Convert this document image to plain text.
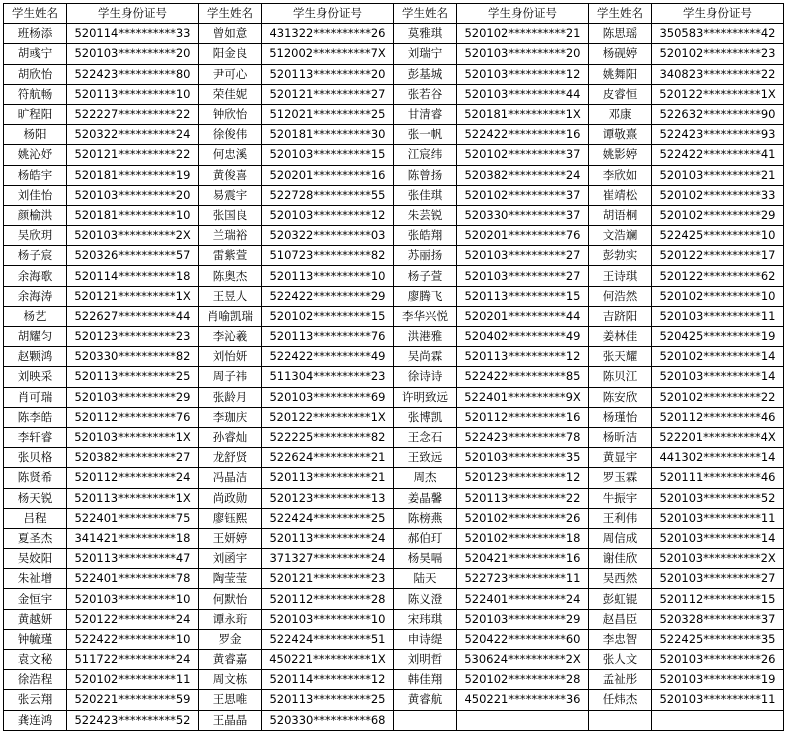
学生姓名	学生身份证号	学生姓名	学生身份证号	学生姓名	学生身份证号	学生姓名	学生身份证号
班杨添	520114**********33	曾如意	431322**********26	莫雅琪	520102**********21	陈思瑶	350583**********42
胡彧宁	520103**********20	阳金良	512002**********7X	刘瑞宁	520103**********20	杨砚婷	520102**********23
胡欣怡	522423**********80	尹可心	520113**********20	彭基城	520103**********12	姚舞阳	340823**********22
符航畅	520113**********10	荣佳妮	520121**********27	张若谷	520103**********44	皮睿恒	520122**********1X
旷程阳	522227**********22	钟欣怡	512021**********25	甘清睿	520181**********1X	邓康	522632**********90
杨阳	520322**********24	徐俊伟	520181**********30	张一帆	522422**********16	谭敬熹	522423**********93
姚沁妤	520121**********22	何忠溪	520103**********15	江宸纬	520102**********37	姚影婷	522422**********41
杨皓宇	520181**********19	黄俊喜	520201**********16	陈曾扬	520382**********24	李欣如	520103**********21
刘佳怡	520103**********20	易震宇	522728**********55	张佳琪	520102**********37	崔靖松	520102**********33
颜榆洪	520181**********10	张国良	520103**********12	朱芸锐	520330**********37	胡语桐	520102**********29
吴欣玥	520103**********2X	兰瑞裕	520322**********03	张皓翔	520201**********76	文浩斓	522425**********10
杨子宸	520326**********57	雷紫萱	510723**********82	苏丽扬	520103**********27	彭勃实	520122**********17
余海歌	520114**********18	陈奥杰	520113**********10	杨子萱	520103**********27	王诗琪	520122**********62
余海涛	520121**********1X	王昱人	522422**********29	廖腾飞	520113**********15	何浩然	520102**********10
杨艺	522627**********44	肖喻凯瑞	520102**********15	李华兴悦	520201**********44	吉跻阳	520103**********11
胡耀匀	520123**********23	李沁羲	520113**********76	洪港雅	520402**********49	姜林佳	520425**********19
赵颗鸿	520330**********82	刘怡妍	522422**********49	吴尚霖	520113**********12	张天耀	520102**********14
刘映采	520113**********25	周子祎	511304**********23	徐诗诗	522422**********85	陈贝江	520103**********14
肖可瑞	520103**********29	张龄月	520103**********69	许明致远	522401**********9X	陈安欣	520102**********22
陈李皓	520112**********76	李珈庆	520122**********1X	张博凯	520112**********16	杨瑾怡	520112**********46
李轩睿	520103**********1X	孙睿灿	522225**********82	王念石	522423**********78	杨昕洁	522201**********4X
张贝格	520382**********27	龙舒贤	522624**********21	王致远	520103**********35	黄显宇	441302**********14
陈贤希	520112**********24	冯晶洁	520113**********21	周杰	520123**********12	罗玉霖	520111**********46
杨天锐	520113**********1X	尚政勋	520123**********13	姜晶馨	520113**********22	牛振宇	520103**********52
吕程	522401**********75	廖钰熙	522424**********25	陈榜燕	520102**********26	王利伟	520103**********11
夏圣杰	341421**********18	王妍婷	520113**********24	郝伯玎	520102**********18	周信成	520103**********14
吴姣阳	520113**********47	刘函宇	371327**********24	杨昊嗝	520421**********16	谢佳欣	520103**********2X
朱祉增	522401**********78	陶莹莹	520121**********23	陆天	522723**********11	吴西然	520103**********27
金恒宇	520103**********10	何默怡	520112**********28	陈义澄	522401**********24	彭虹锟	520112**********15
黄越妍	520122**********24	谭永珩	520103**********10	宋玮琪	520103**********29	赵昌臣	520328**********37
钟毓瑾	522422**********10	罗金	522424**********51	申诗缇	520422**********60	李忠智	522425**********35
袁文秘	511722**********24	黄睿嘉	450221**********1X	刘明哲	530624**********2X	张人文	520103**********26
徐浩程	520102**********11	周文栋	520114**********12	韩佳翔	520102**********28	孟祉彤	520103**********19
张云翔	520221**********59	王思唯	520113**********25	黄睿航	450221**********36	任炜杰	520103**********11
龚连鸿	522423**********52	王晶晶	520330**********68				
